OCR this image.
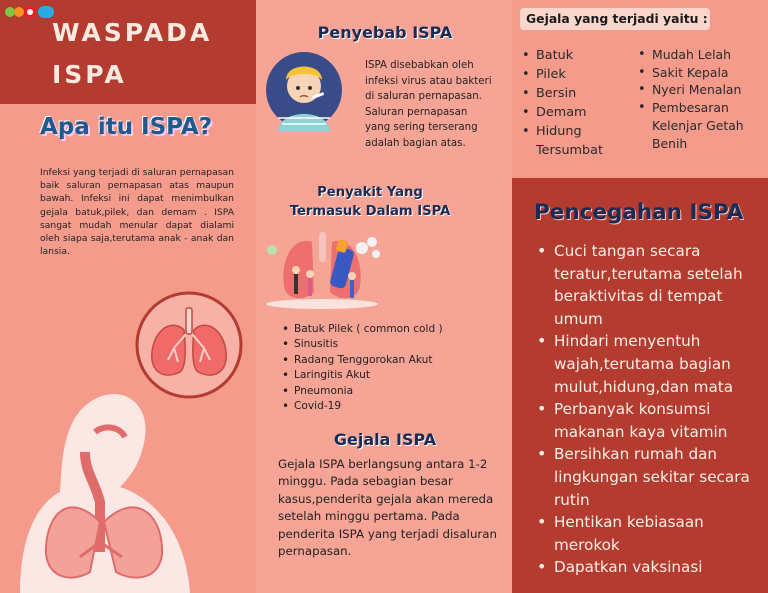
WASPADA
ISPA
Apa itu ISPA?

Infeksi yang terjadi di saluran pernapasan baik saluran pernapasan atas maupun bawah. Infeksi ini dapat menimbulkan gejala batuk,pilek, dan demam . ISPA sangat mudah menular dapat dialami oleh siapa saja,terutama anak - anak dan lansia.

Penyebab ISPA

ISPA disebabkan oleh infeksi virus atau bakteri di saluran pernapasan. Saluran pernapasan yang sering terserang adalah bagian atas.

Penyakit Yang
Termasuk Dalam ISPA
• Batuk Pilek ( common cold )
• Sinusitis
• Radang Tenggorokan Akut
• Laringitis Akut
• Pneumonia
• Covid-19
Gejala ISPA

Gejala ISPA berlangsung antara 1-2 minggu. Pada sebagian besar kasus,penderita gejala akan mereda setelah minggu pertama. Pada penderita ISPA yang terjadi disaluran pernapasan.

Gejala yang terjadi yaitu :
• Batuk
• Pilek
• Bersin
• Demam
• Hidung Tersumbat
• Mudah Lelah
• Sakit Kepala
• Nyeri Menalan
• Pembesaran Kelenjar Getah Benih
Pencegahan ISPA
• Cuci tangan secara teratur,terutama setelah beraktivitas di tempat umum
• Hindari menyentuh wajah,terutama bagian mulut,hidung,dan mata
• Perbanyak konsumsi makanan kaya vitamin
• Bersihkan rumah dan lingkungan sekitar secara rutin
• Hentikan kebiasaan merokok
• Dapatkan vaksinasi
